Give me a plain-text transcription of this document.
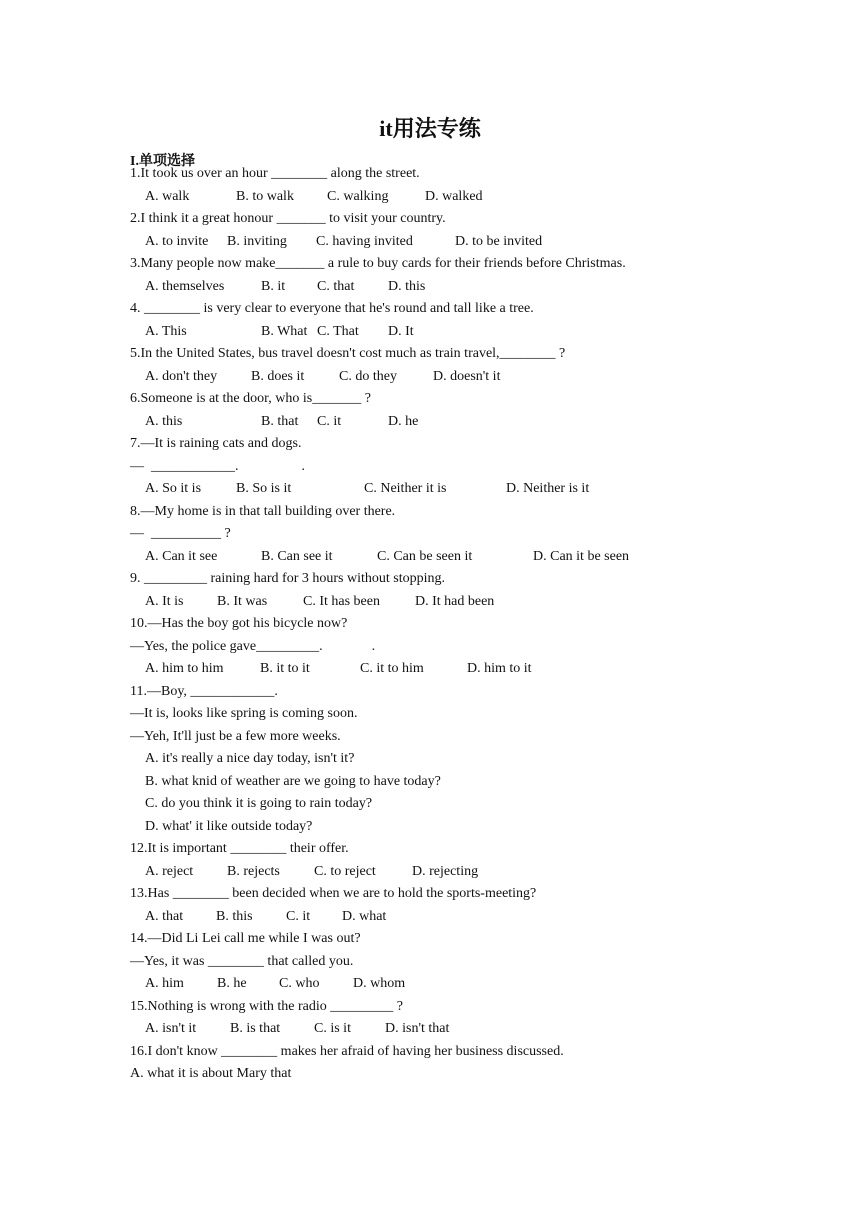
it用法专练
I.单项选择
1.It took us over an hour ________ along the street.
A. walk	B. to walk C. walking	D. walked
2.I think it a great honour _______ to visit your country.
A. to invite B. inviting C. having invited	D. to be invited
3.Many people now make_______ a rule to buy cards for their friends before Christmas.
A. themselves	B. it C. that D. this
4. ________ is very clear to everyone that he's round and tall like a tree.
A. This	B. What C. That D. It
5.In the United States, bus travel doesn't cost much as train travel,________ ?
A. don't they B. does it C. do they	D. doesn't it
6.Someone is at the door, who is_______ ?
A. this	B. that C. it	D. he
7.—It is raining cats and dogs.
—  ____________.                  .
A. So it is B. So is it	C. Neither it is	D. Neither is it
8.—My home is in that tall building over there.
—  __________ ?
A. Can it see	B. Can see it	C. Can be seen it	D. Can it be seen
9. _________ raining hard for 3 hours without stopping.
A. It is B. It was	C. It has been	D. It had been
10.—Has the boy got his bicycle now?
—Yes, the police gave_________.              .
A. him to him	B. it to it	C. it to him	D. him to it
11.—Boy, ____________.
—It is, looks like spring is coming soon.
—Yeh, It'll just be a few more weeks.
A. it's really a nice day today, isn't it?
B. what knid of weather are we going to have today?
C. do you think it is going to rain today?
D. what' it like outside today?
12.It is important ________ their offer.
A. reject B. rejects C. to reject	D. rejecting
13.Has ________ been decided when we are to hold the sports-meeting?
A. that B. this C. it D. what
14.—Did Li Lei call me while I was out?
—Yes, it was ________ that called you.
A. him B. he C. who D. whom
15.Nothing is wrong with the radio _________ ?
A. isn't it B. is that C. is it D. isn't that
16.I don't know ________ makes her afraid of having her business discussed.
A. what it is about Mary that
